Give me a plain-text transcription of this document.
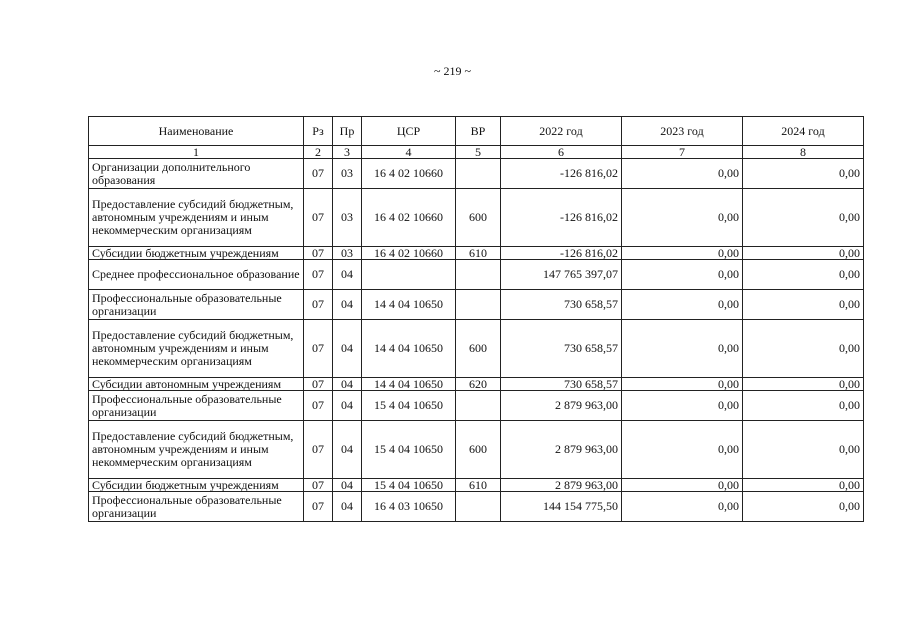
~ 219 ~
Наименование	Рз	Пр	ЦСР	ВР	2022 год	2023 год	2024 год
1	2	3	4	5	6	7	8
Организации дополнительного образования	07	03	16 4 02 10660		-126 816,02	0,00	0,00
Предоставление субсидий бюджетным, автономным учреждениям и иным некоммерческим организациям	07	03	16 4 02 10660	600	-126 816,02	0,00	0,00
Субсидии бюджетным учреждениям	07	03	16 4 02 10660	610	-126 816,02	0,00	0,00
Среднее профессиональное образование	07	04			147 765 397,07	0,00	0,00
Профессиональные образовательные организации	07	04	14 4 04 10650		730 658,57	0,00	0,00
Предоставление субсидий бюджетным, автономным учреждениям и иным некоммерческим организациям	07	04	14 4 04 10650	600	730 658,57	0,00	0,00
Субсидии автономным учреждениям	07	04	14 4 04 10650	620	730 658,57	0,00	0,00
Профессиональные образовательные организации	07	04	15 4 04 10650		2 879 963,00	0,00	0,00
Предоставление субсидий бюджетным, автономным учреждениям и иным некоммерческим организациям	07	04	15 4 04 10650	600	2 879 963,00	0,00	0,00
Субсидии бюджетным учреждениям	07	04	15 4 04 10650	610	2 879 963,00	0,00	0,00
Профессиональные образовательные организации	07	04	16 4 03 10650		144 154 775,50	0,00	0,00
